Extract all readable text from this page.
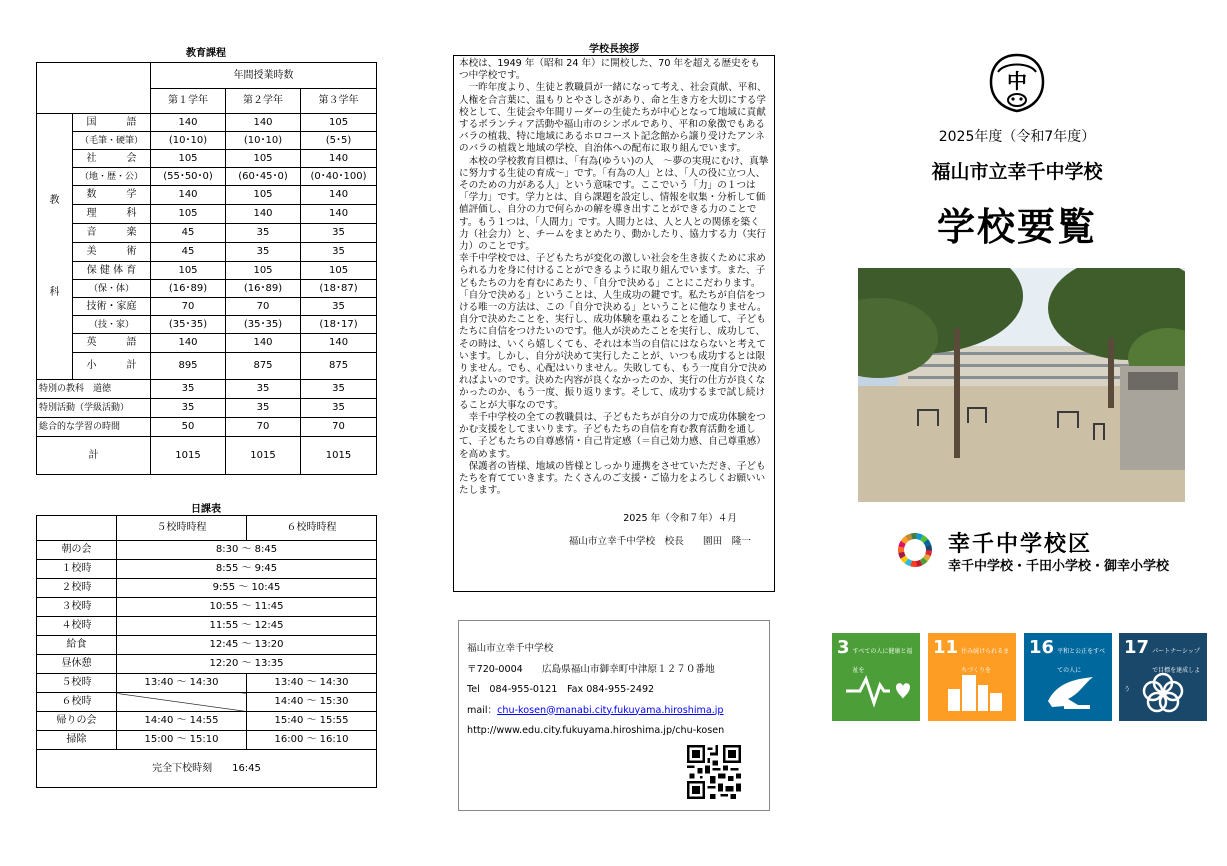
教育課程
		年間授業時数		
		第１学年	第２学年	第３学年

教
科	国　　　語	140	140	105
	（毛筆・硬筆）	(10･10)	(10･10)	(5･5)
	社　　　会	105	105	140
	（地・歴・公）	(55･50･0)	(60･45･0)	(0･40･100)
	数　　　学	140	105	140
	理　　　科	105	140	140
	音　　　楽	45	35	35
	美　　　術	45	35	35
	保 健 体 育	105	105	105
	（保・体）	(16･89)	(16･89)	(18･87)
	技術・家庭	70	70	35
	（技・家）	(35･35)	(35･35)	(18･17)
	英　　　語	140	140	140
	小　　　計	895	875	875
特別の教科　道徳		35	35	35
特別活動（学級活動）		35	35	35
総合的な学習の時間		50	70	70
計		1015	1015	1015
日課表
	５校時時程	６校時時程
朝の会	8:30 ～ 8:45	
１校時	8:55 ～ 9:45	
２校時	9:55 ～ 10:45	
３校時	10:55 ～ 11:45	
４校時	11:55 ～ 12:45	
給食	12:45 ～ 13:20	
昼休憩	12:20 ～ 13:35	
５校時	13:40 ～ 14:30	13:40 ～ 14:30
６校時		14:40 ～ 15:30
帰りの会	14:40 ～ 14:55	15:40 ～ 15:55
掃除	15:00 ～ 15:10	16:00 ～ 16:10
完全下校時刻　　16:45		
学校長挨拶

本校は、1949 年（昭和 24 年）に開校した、70 年を超える歴史をもつ中学校です。

一昨年度より、生徒と教職員が一緒になって考え、社会貢献、平和、人権を合言葉に、温もりとやさしさがあり、命と生き方を大切にする学校として、生徒会や年間リーダーの生徒たちが中心となって地域に貢献するボランティア活動や福山市のシンボルであり、平和の象徴でもあるバラの植栽、特に地域にあるホロコースト記念館から譲り受けたアンネのバラの植栽と地域の学校、自治体への配布に取り組んでいます。

本校の学校教育目標は、「有為(ゆうい)の人　～夢の実現にむけ、真摯に努力する生徒の育成～」です。「有為の人」とは、「人の役に立つ人、そのための力がある人」という意味です。ここでいう「力」の１つは「学力」です。学力とは、自ら課題を設定し、情報を収集・分析して価値評価し、自分の力で何らかの解を導き出すことができる力のことです。もう１つは、「人間力」です。人間力とは、人と人との関係を築く力（社会力）と、チームをまとめたり、動かしたり、協力する力（実行力）のことです。

幸千中学校では、子どもたちが変化の激しい社会を生き抜くために求められる力を身に付けることができるように取り組んでいます。また、子どもたちの力を育むにあたり、「自分で決める」ことにこだわります。「自分で決める」ということは、人生成功の鍵です。私たちが自信をつける唯一の方法は、この「自分で決める」ということに他なりません。自分で決めたことを、実行し、成功体験を重ねることを通して、子どもたちに自信をつけたいのです。他人が決めたことを実行し、成功して、その時は、いくら嬉しくても、それは本当の自信にはならないと考えています。しかし、自分が決めて実行したことが、いつも成功するとは限りません。でも、心配はいりません。失敗しても、もう一度自分で決めればよいのです。決めた内容が良くなかったのか、実行の仕方が良くなかったのか、もう一度、振り返ります。そして、成功するまで試し続けることが大事なのです。

幸千中学校の全ての教職員は、子どもたちが自分の力で成功体験をつかむ支援をしてまいります。子どもたちの自信を育む教育活動を通して、子どもたちの自尊感情・自己肯定感（＝自己効力感、自己尊重感）を高めます。

保護者の皆様、地域の皆様としっかり連携をさせていただき、子どもたちを育てていきます。たくさんのご支援・ご協力をよろしくお願いいたします。

2025 年（令和７年）４月

福山市立幸千中学校　校長　　園田　隆一

福山市立幸千中学校
〒720-0004　　広島県福山市御幸町中津原１２７０番地
Tel　084-955-0121　Fax 084-955-2492
mail：chu-kosen@manabi.city.fukuyama.hiroshima.jp
http://www.edu.city.fukuyama.hiroshima.jp/chu-kosen
中
2025年度（令和7年度）
福山市立幸千中学校
学校要覧
幸千中学校区
幸千中学校・千田小学校・御幸小学校
3 すべての人に健康と福祉を
11 住み続けられるまちづくりを
16 平和と公正をすべての人に
17 パートナーシップで目標を達成しよう
